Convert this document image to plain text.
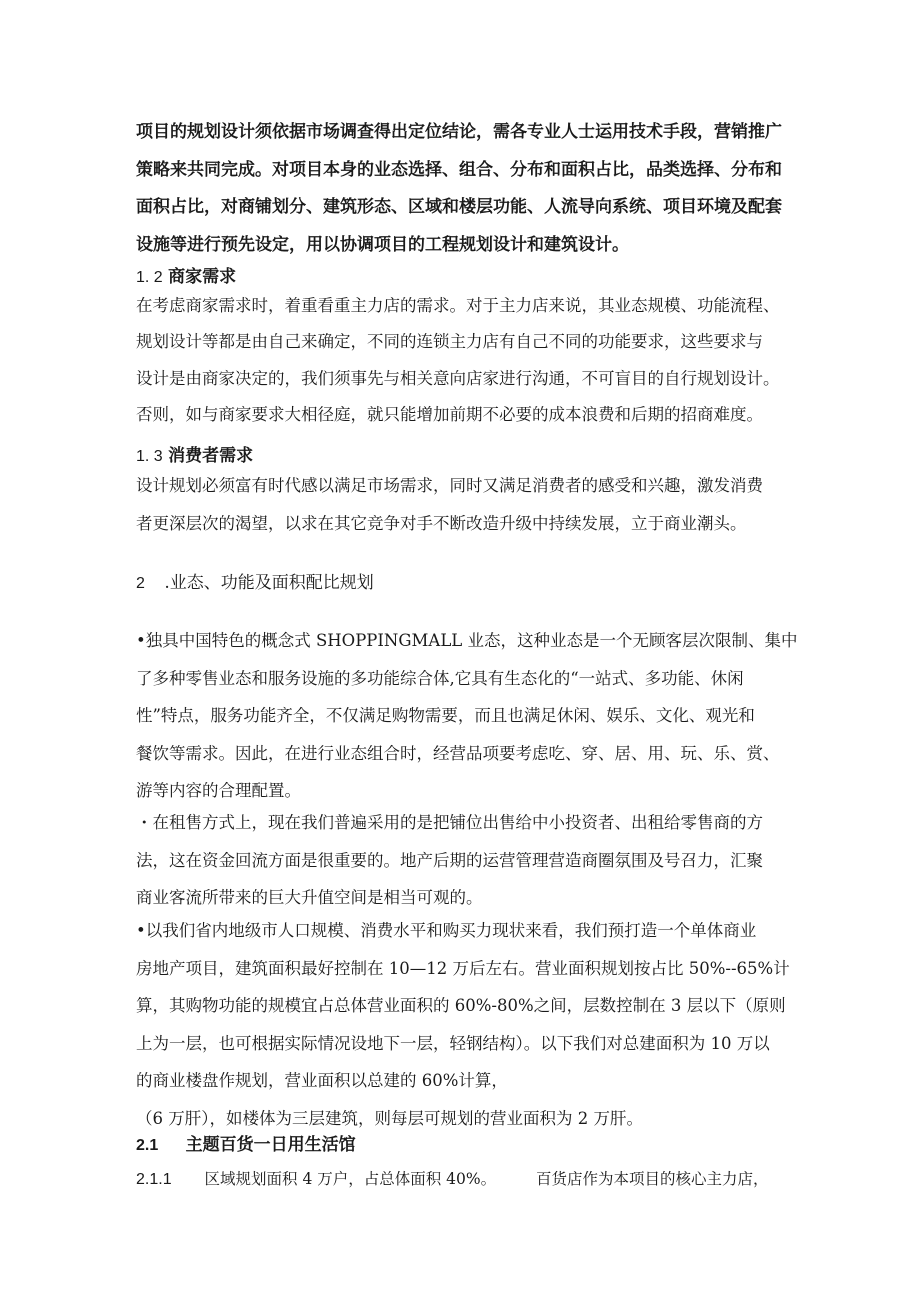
项目的规划设计须依据市场调查得出定位结论，需各专业人士运用技术手段，营销推广
策略来共同完成。对项目本身的业态选择、组合、分布和面积占比，品类选择、分布和
面积占比，对商铺划分、建筑形态、区域和楼层功能、人流导向系统、项目环境及配套
设施等进行预先设定，用以协调项目的工程规划设计和建筑设计。
1. 2 商家需求
在考虑商家需求时，着重看重主力店的需求。对于主力店来说，其业态规模、功能流程、
规划设计等都是由自己来确定，不同的连锁主力店有自己不同的功能要求，这些要求与
设计是由商家决定的，我们须事先与相关意向店家进行沟通，不可盲目的自行规划设计。
否则，如与商家要求大相径庭，就只能增加前期不必要的成本浪费和后期的招商难度。
1. 3 消费者需求
设计规划必须富有时代感以满足市场需求，同时又满足消费者的感受和兴趣，激发消费
者更深层次的渴望，以求在其它竞争对手不断改造升级中持续发展，立于商业潮头。
2 .业态、功能及面积配比规划
•独具中国特色的概念式 SHOPPINGMALL 业态，这种业态是一个无顾客层次限制、集中
了多种零售业态和服务设施的多功能综合体,它具有生态化的“一站式、多功能、休闲
性”特点，服务功能齐全，不仅满足购物需要，而且也满足休闲、娱乐、文化、观光和
餐饮等需求。因此，在进行业态组合时，经营品项要考虑吃、穿、居、用、玩、乐、赏、
游等内容的合理配置。
・在租售方式上，现在我们普遍采用的是把铺位出售给中小投资者、出租给零售商的方
法，这在资金回流方面是很重要的。地产后期的运营管理营造商圈氛围及号召力，汇聚
商业客流所带来的巨大升值空间是相当可观的。
•以我们省内地级市人口规模、消费水平和购买力现状来看，我们预打造一个单体商业
房地产项目，建筑面积最好控制在 10—12 万后左右。营业面积规划按占比 50%--65%计
算，其购物功能的规模宜占总体营业面积的 60%-80%之间，层数控制在 3 层以下（原则
上为一层，也可根据实际情况设地下一层，轻钢结构）。以下我们对总建面积为 10 万以
的商业楼盘作规划，营业面积以总建的 60%计算，
（6 万肝），如楼体为三层建筑，则每层可规划的营业面积为 2 万肝。
2.1 主题百货一日用生活馆
2.1.1 区域规划面积 4 万户，占总体面积 40%。	百货店作为本项目的核心主力店，
